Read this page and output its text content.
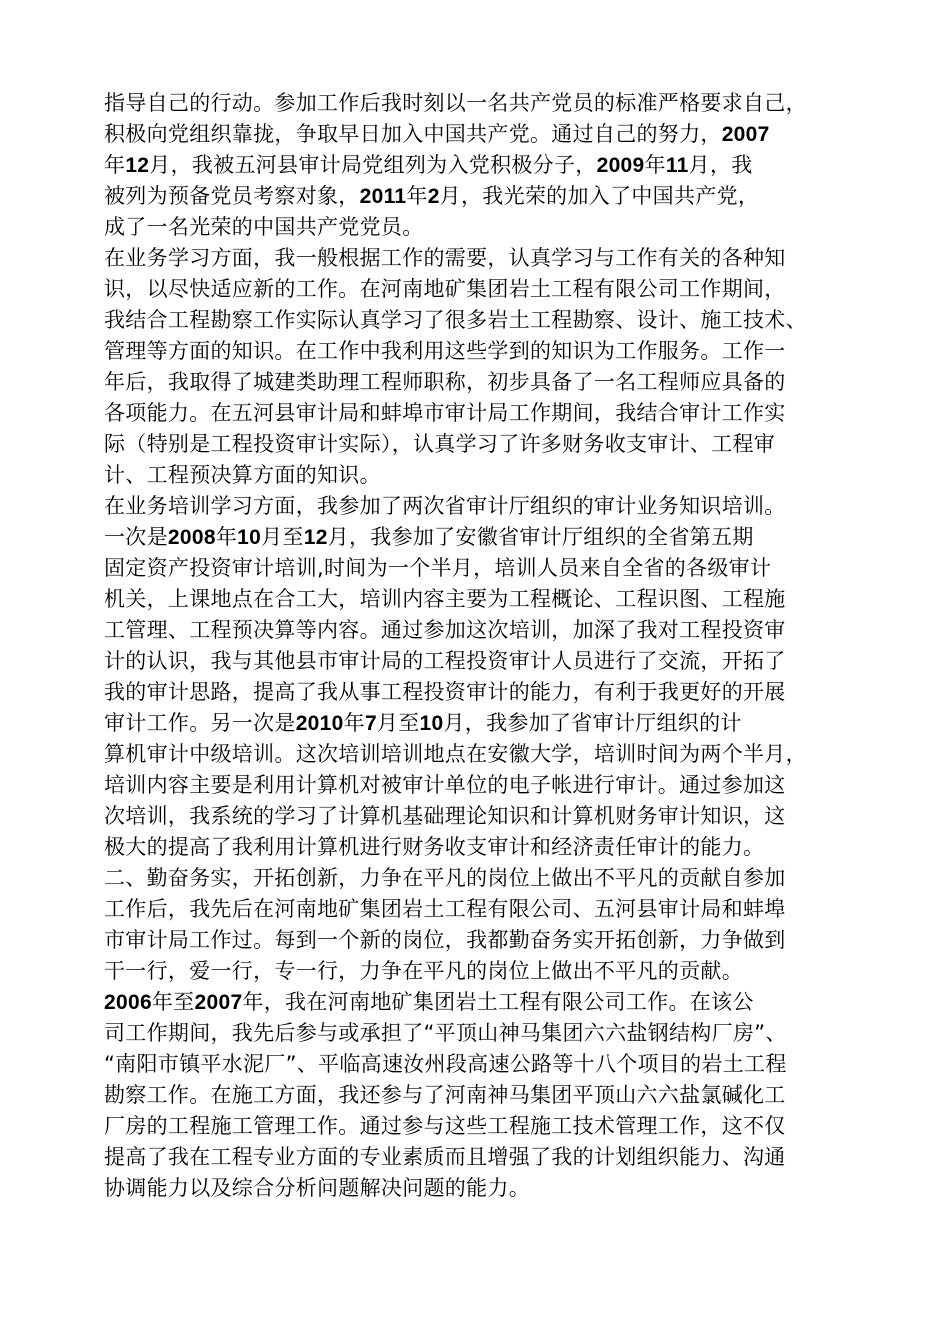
指导自己的行动。参加工作后我时刻以一名共产党员的标准严格要求自己，
积极向党组织靠拢，争取早日加入中国共产党。通过自己的努力，2007
年12月，我被五河县审计局党组列为入党积极分子，2009年11月，我
被列为预备党员考察对象，2011年2月，我光荣的加入了中国共产党，
成了一名光荣的中国共产党党员。
在业务学习方面，我一般根据工作的需要，认真学习与工作有关的各种知
识，以尽快适应新的工作。在河南地矿集团岩土工程有限公司工作期间，
我结合工程勘察工作实际认真学习了很多岩土工程勘察、设计、施工技术、
管理等方面的知识。在工作中我利用这些学到的知识为工作服务。工作一
年后，我取得了城建类助理工程师职称，初步具备了一名工程师应具备的
各项能力。在五河县审计局和蚌埠市审计局工作期间，我结合审计工作实
际（特别是工程投资审计实际），认真学习了许多财务收支审计、工程审
计、工程预决算方面的知识。
在业务培训学习方面，我参加了两次省审计厅组织的审计业务知识培训。
一次是2008年10月至12月，我参加了安徽省审计厅组织的全省第五期
固定资产投资审计培训,时间为一个半月，培训人员来自全省的各级审计
机关，上课地点在合工大，培训内容主要为工程概论、工程识图、工程施
工管理、工程预决算等内容。通过参加这次培训，加深了我对工程投资审
计的认识，我与其他县市审计局的工程投资审计人员进行了交流，开拓了
我的审计思路，提高了我从事工程投资审计的能力，有利于我更好的开展
审计工作。另一次是2010年7月至10月，我参加了省审计厅组织的计
算机审计中级培训。这次培训培训地点在安徽大学，培训时间为两个半月，
培训内容主要是利用计算机对被审计单位的电子帐进行审计。通过参加这
次培训，我系统的学习了计算机基础理论知识和计算机财务审计知识，这
极大的提高了我利用计算机进行财务收支审计和经济责任审计的能力。
二、勤奋务实，开拓创新，力争在平凡的岗位上做出不平凡的贡献自参加
工作后，我先后在河南地矿集团岩土工程有限公司、五河县审计局和蚌埠
市审计局工作过。每到一个新的岗位，我都勤奋务实开拓创新，力争做到
干一行，爱一行，专一行，力争在平凡的岗位上做出不平凡的贡献。
2006年至2007年，我在河南地矿集团岩土工程有限公司工作。在该公
司工作期间，我先后参与或承担了“平顶山神马集团六六盐钢结构厂房”、
“南阳市镇平水泥厂”、平临高速汝州段高速公路等十八个项目的岩土工程
勘察工作。在施工方面，我还参与了河南神马集团平顶山六六盐氯碱化工
厂房的工程施工管理工作。通过参与这些工程施工技术管理工作，这不仅
提高了我在工程专业方面的专业素质而且增强了我的计划组织能力、沟通
协调能力以及综合分析问题解决问题的能力。
